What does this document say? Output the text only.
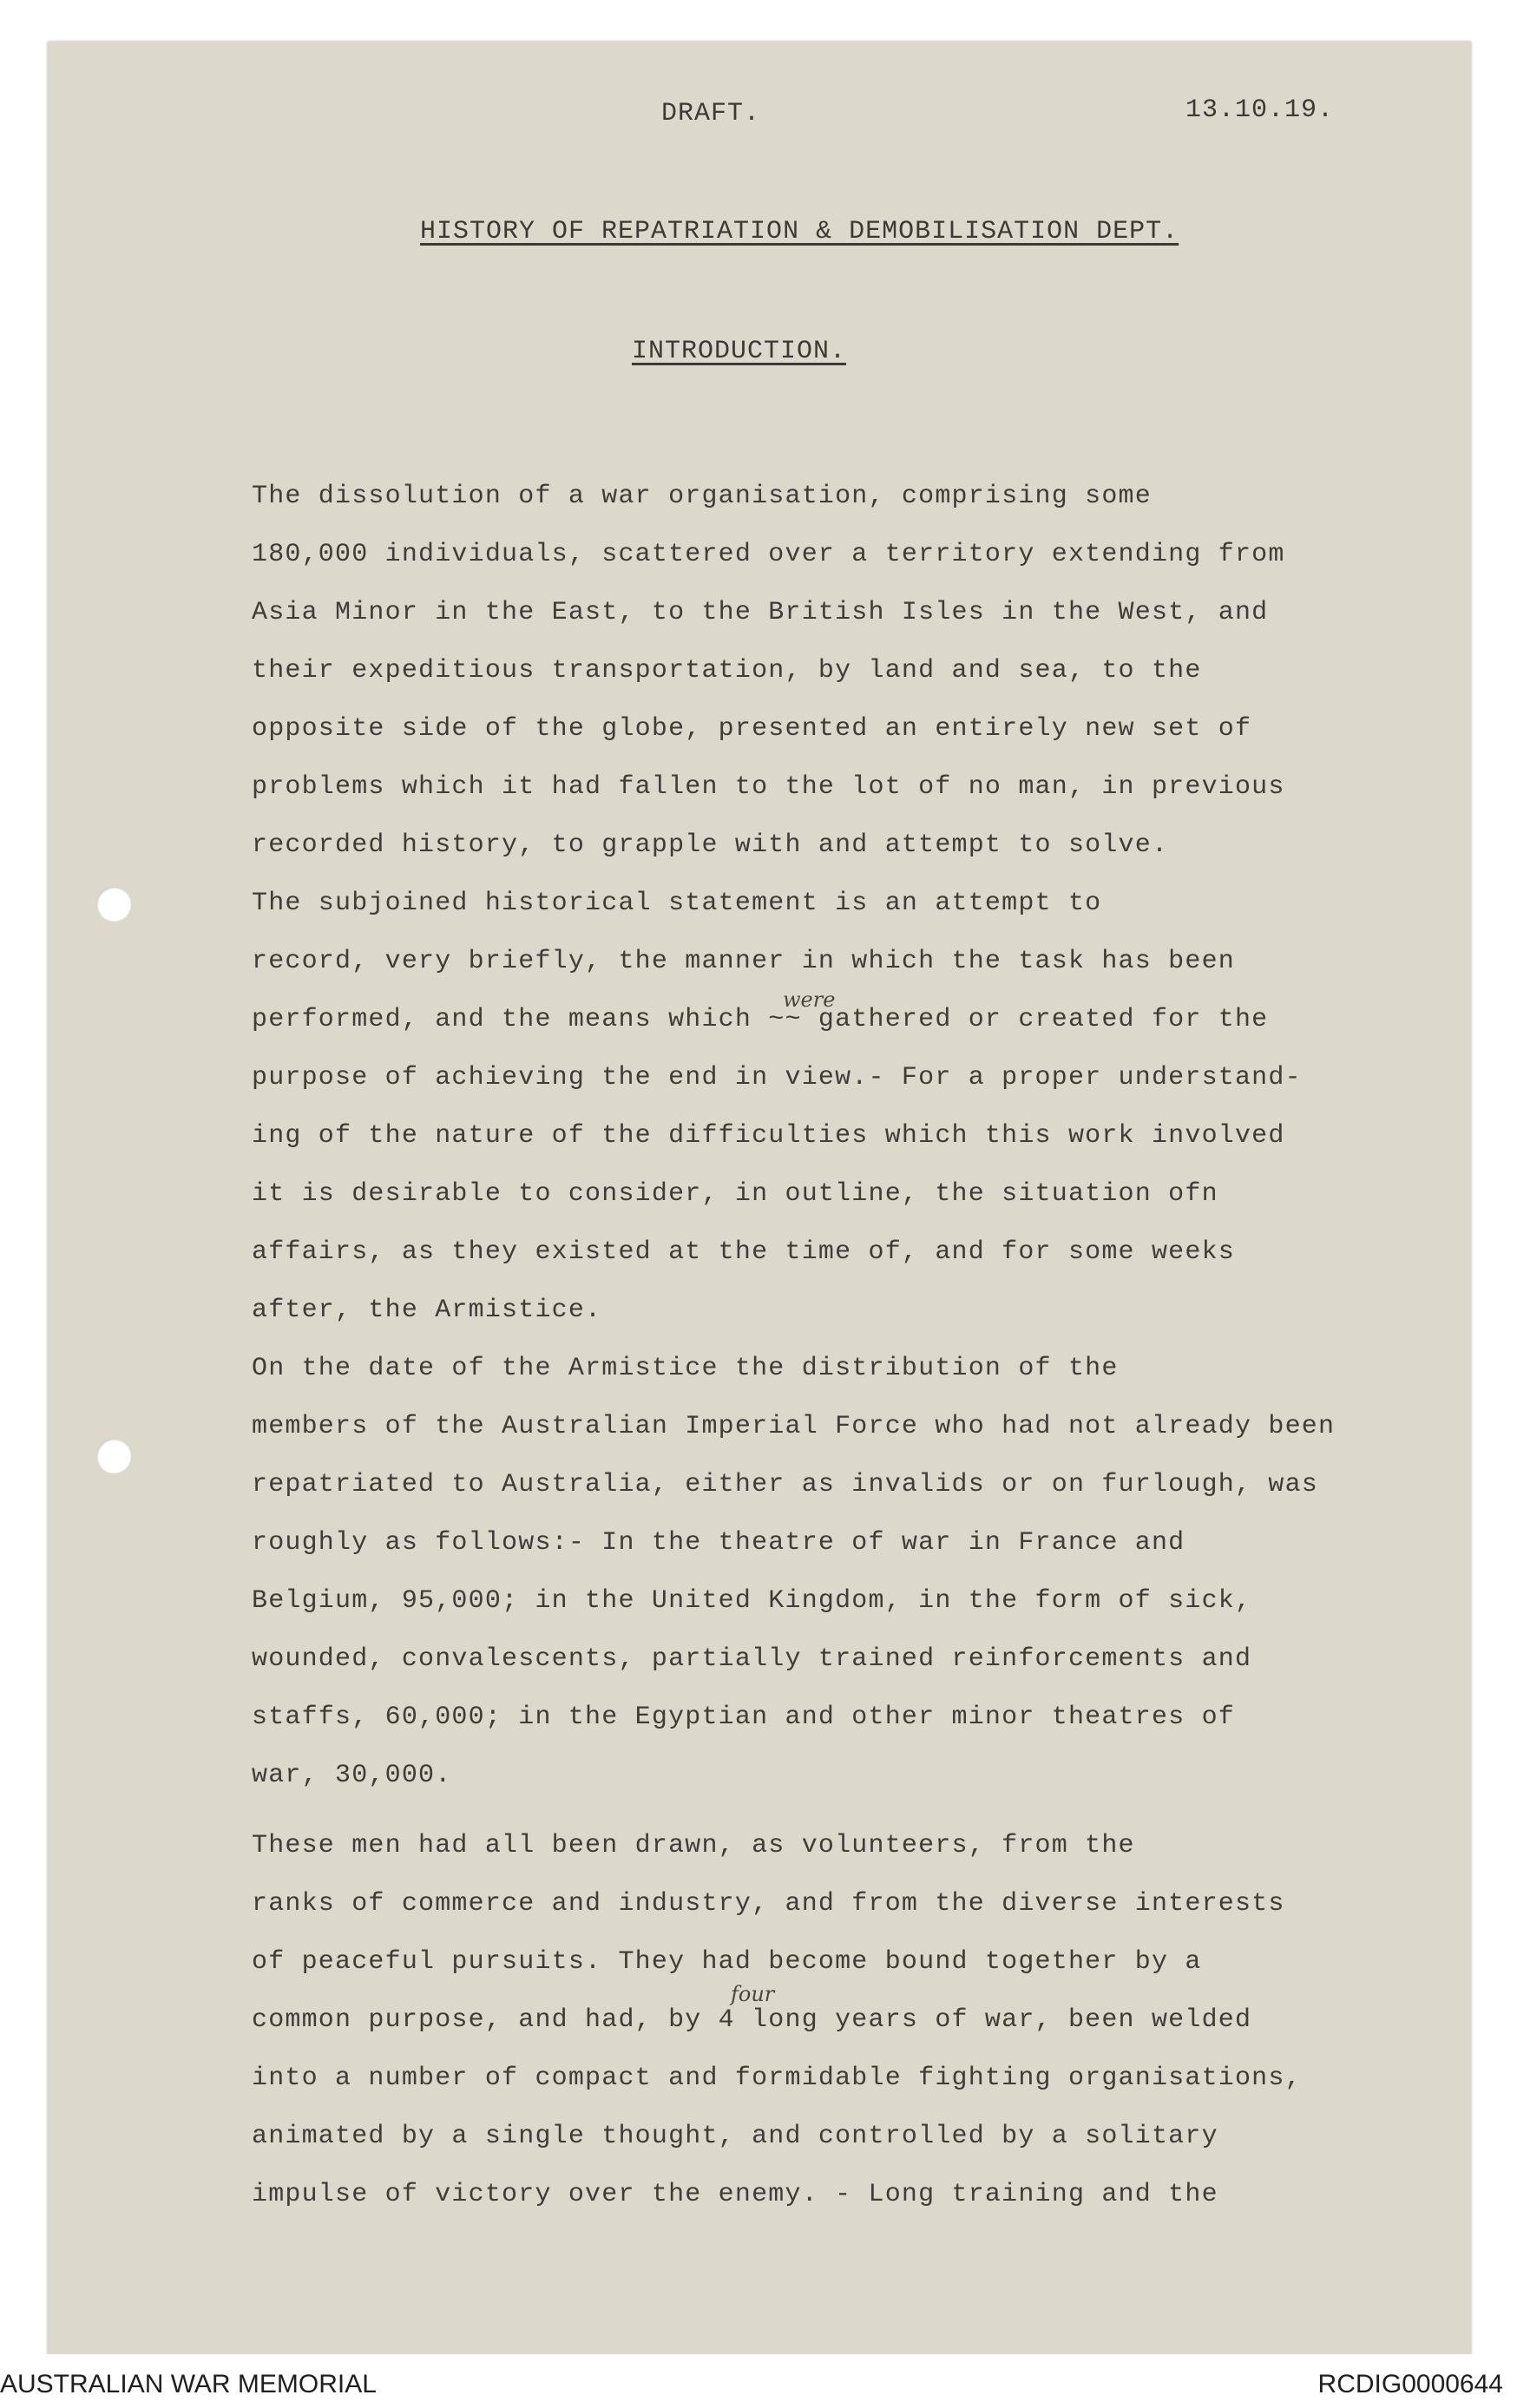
DRAFT.	13.10.19.

HISTORY OF REPATRIATION & DEMOBILISATION DEPT.

INTRODUCTION.

The dissolution of a war organisation, comprising some

180,000 individuals, scattered over a territory extending from

Asia Minor in the East, to the British Isles in the West, and

their expeditious transportation, by land and sea, to the

opposite side of the globe, presented an entirely new set of

problems which it had fallen to the lot of no man, in previous

recorded history, to grapple with and attempt to solve.

The subjoined historical statement is an attempt to

record, very briefly, the manner in which the task has been

performed, and the means which ~~ gathered or created for the

purpose of achieving the end in view.- For a proper understand-

ing of the nature of the difficulties which this work involved

it is desirable to consider, in outline, the situation ofn

affairs, as they existed at the time of, and for some weeks

after, the Armistice.

On the date of the Armistice the distribution of the

members of the Australian Imperial Force who had not already been

repatriated to Australia, either as invalids or on furlough, was

roughly as follows:- In the theatre of war in France and

Belgium, 95,000; in the United Kingdom, in the form of sick,

wounded, convalescents, partially trained reinforcements and

staffs, 60,000; in the Egyptian and other minor theatres of

war, 30,000.

These men had all been drawn, as volunteers, from the

ranks of commerce and industry, and from the diverse interests

of peaceful pursuits. They had become bound together by a

common purpose, and had, by 4 long years of war, been welded

into a number of compact and formidable fighting organisations,

animated by a single thought, and controlled by a solitary

impulse of victory over the enemy. - Long training and the

were

four

AUSTRALIAN WAR MEMORIAL	RCDIG0000644
